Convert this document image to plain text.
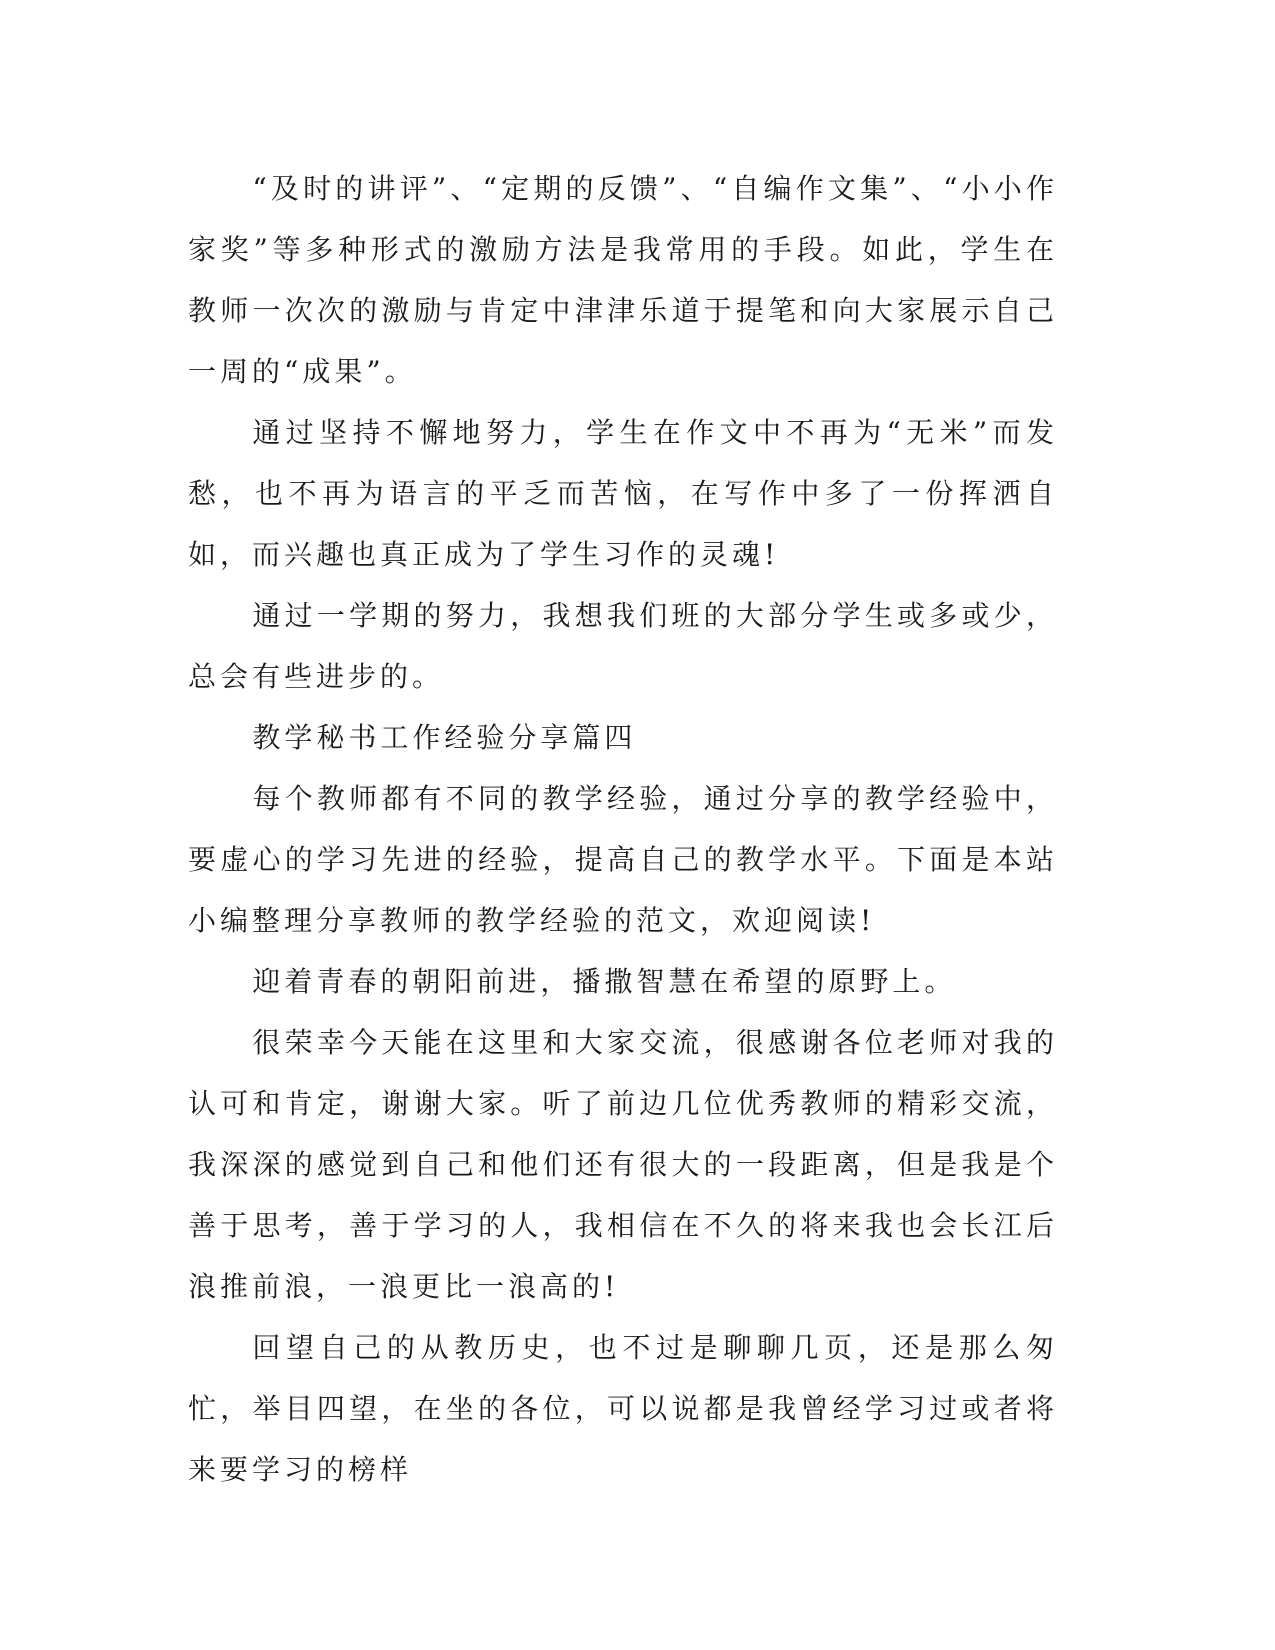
“及时的讲评”、“定期的反馈”、“自编作文集”、“小小作家奖”等多种形式的激励方法是我常用的手段。如此，学生在教师一次次的激励与肯定中津津乐道于提笔和向大家展示自己一周的“成果”。

通过坚持不懈地努力，学生在作文中不再为“无米”而发愁，也不再为语言的平乏而苦恼，在写作中多了一份挥洒自如，而兴趣也真正成为了学生习作的灵魂!

通过一学期的努力，我想我们班的大部分学生或多或少，总会有些进步的。

教学秘书工作经验分享篇四

每个教师都有不同的教学经验，通过分享的教学经验中，要虚心的学习先进的经验，提高自己的教学水平。下面是本站小编整理分享教师的教学经验的范文，欢迎阅读!

迎着青春的朝阳前进，播撒智慧在希望的原野上。

很荣幸今天能在这里和大家交流，很感谢各位老师对我的认可和肯定，谢谢大家。听了前边几位优秀教师的精彩交流，我深深的感觉到自己和他们还有很大的一段距离，但是我是个善于思考，善于学习的人，我相信在不久的将来我也会长江后浪推前浪，一浪更比一浪高的!

回望自己的从教历史，也不过是聊聊几页，还是那么匆忙，举目四望，在坐的各位，可以说都是我曾经学习过或者将来要学习的榜样
